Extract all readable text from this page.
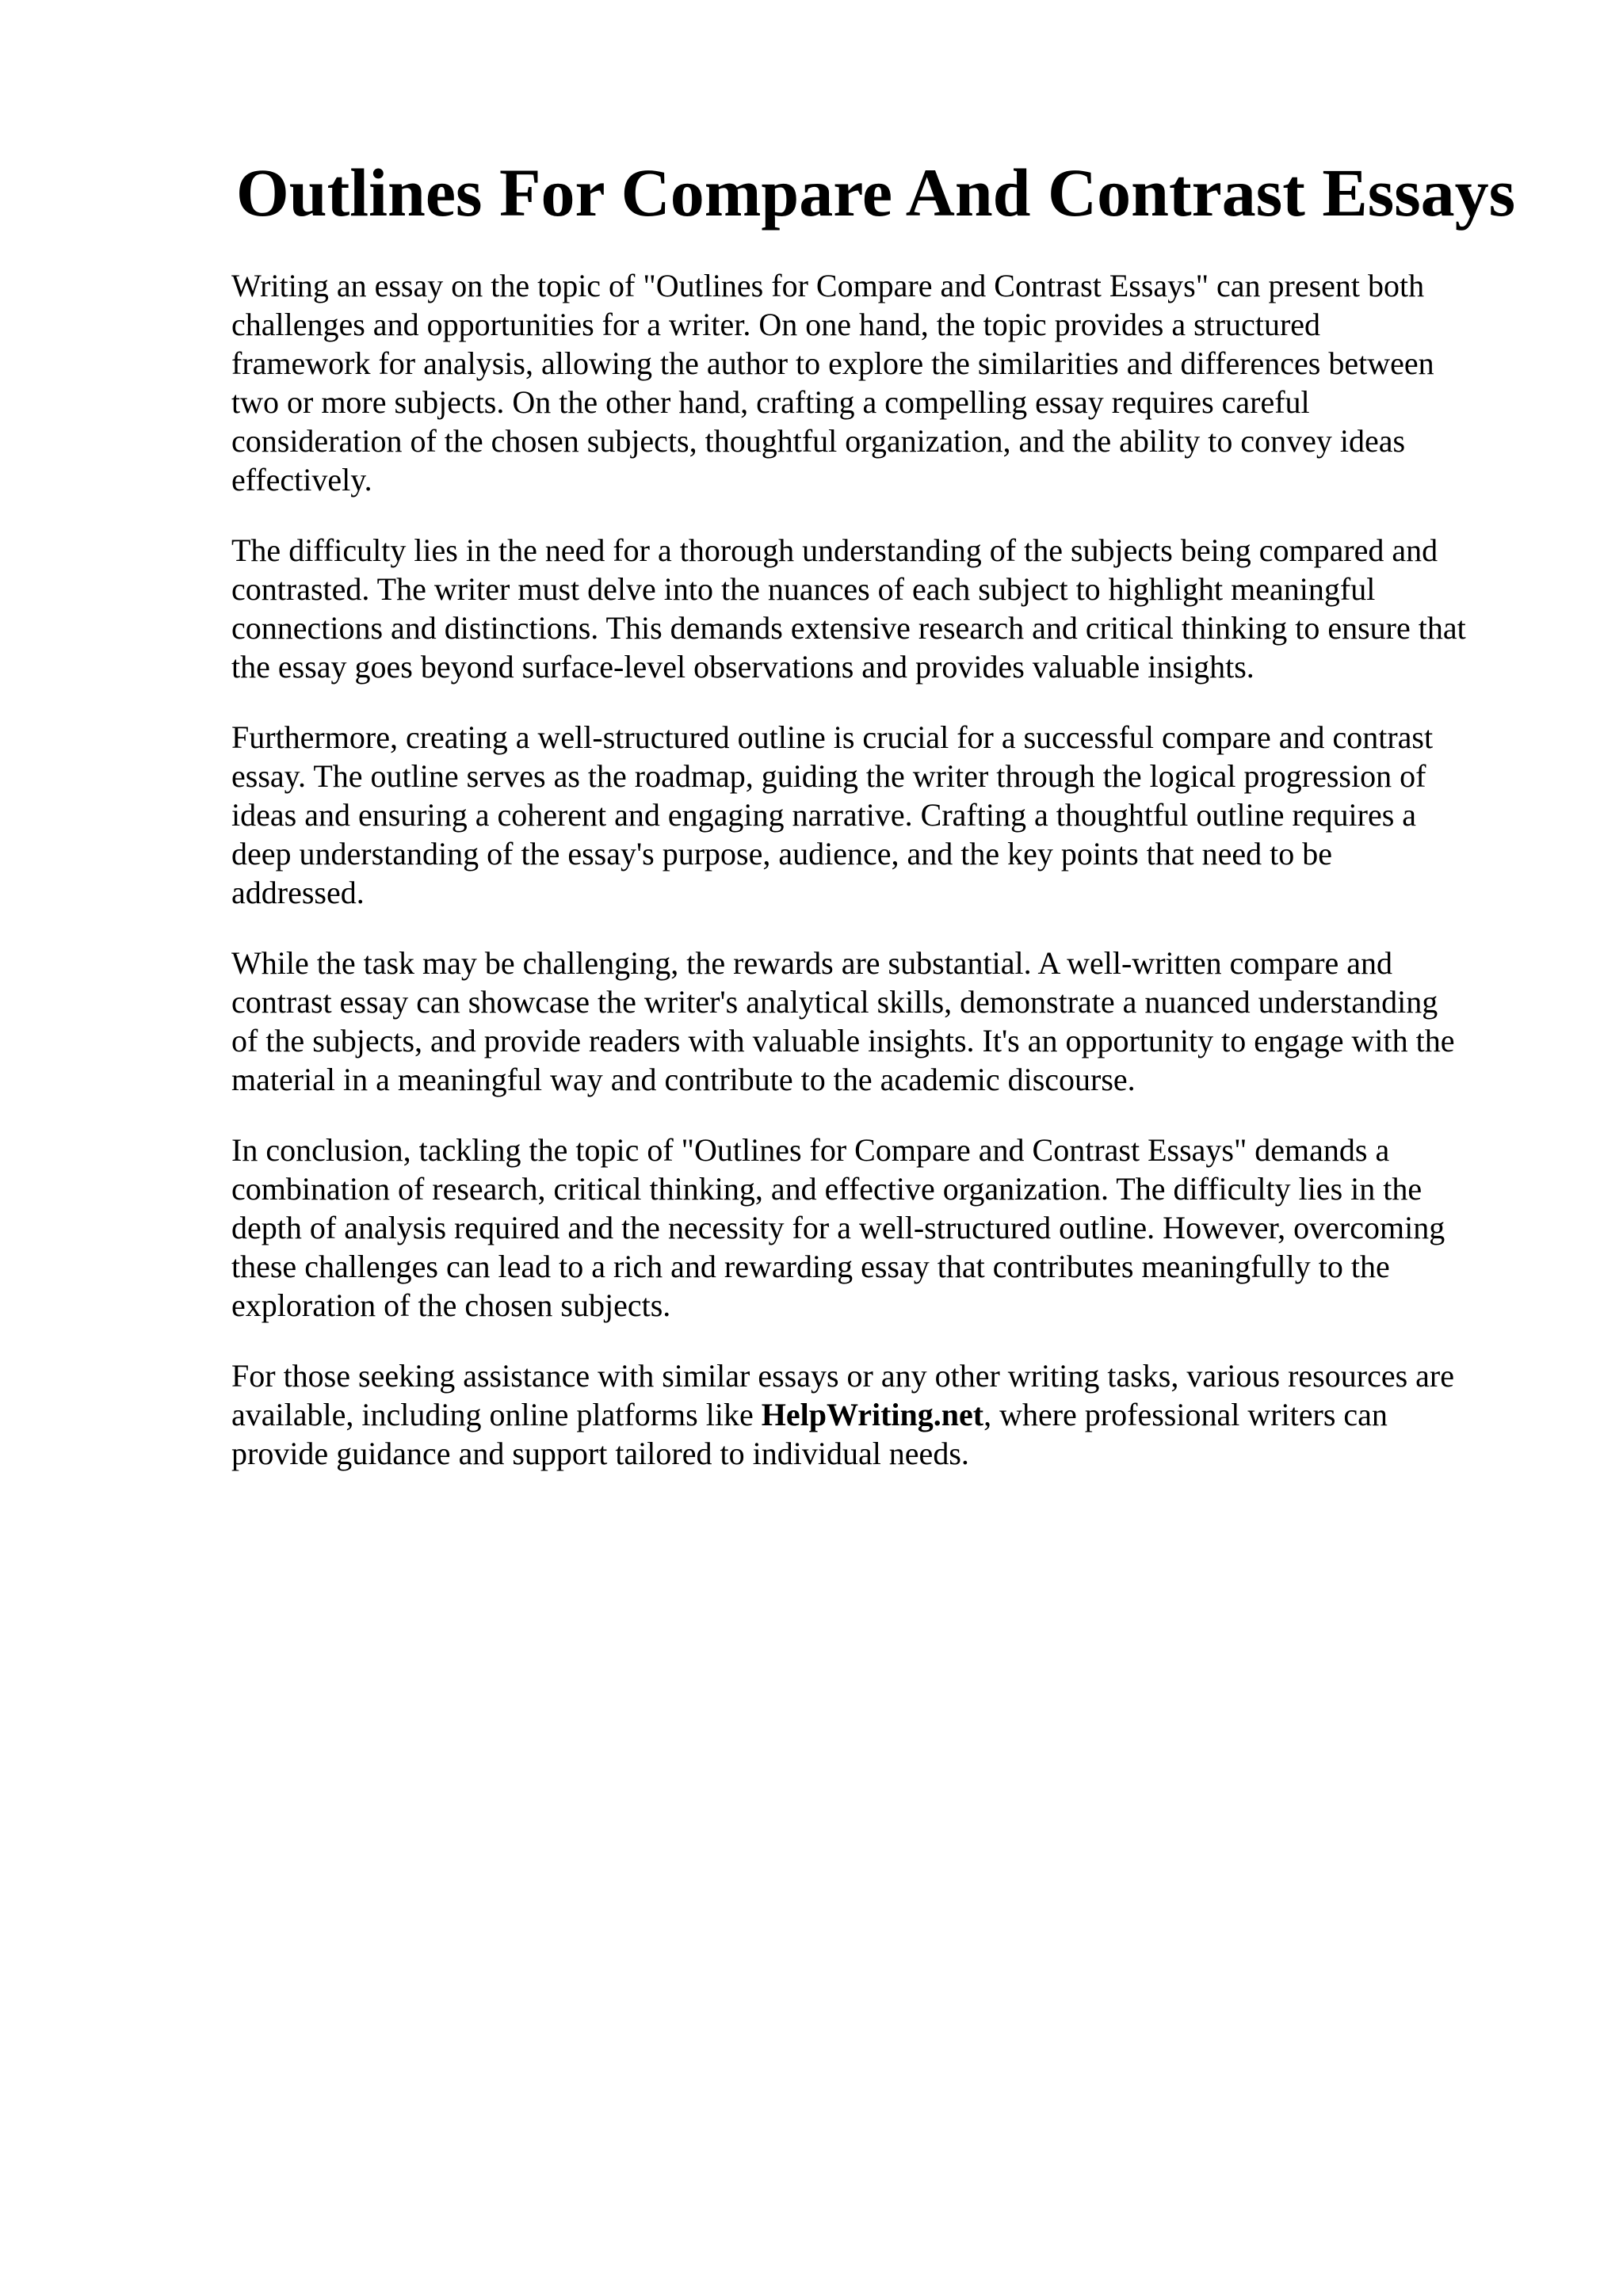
Outlines For Compare And Contrast Essays

Writing an essay on the topic of "Outlines for Compare and Contrast Essays" can present both
challenges and opportunities for a writer. On one hand, the topic provides a structured
framework for analysis, allowing the author to explore the similarities and differences between
two or more subjects. On the other hand, crafting a compelling essay requires careful
consideration of the chosen subjects, thoughtful organization, and the ability to convey ideas
effectively.

The difficulty lies in the need for a thorough understanding of the subjects being compared and
contrasted. The writer must delve into the nuances of each subject to highlight meaningful
connections and distinctions. This demands extensive research and critical thinking to ensure that
the essay goes beyond surface-level observations and provides valuable insights.

Furthermore, creating a well-structured outline is crucial for a successful compare and contrast
essay. The outline serves as the roadmap, guiding the writer through the logical progression of
ideas and ensuring a coherent and engaging narrative. Crafting a thoughtful outline requires a
deep understanding of the essay's purpose, audience, and the key points that need to be
addressed.

While the task may be challenging, the rewards are substantial. A well-written compare and
contrast essay can showcase the writer's analytical skills, demonstrate a nuanced understanding
of the subjects, and provide readers with valuable insights. It's an opportunity to engage with the
material in a meaningful way and contribute to the academic discourse.

In conclusion, tackling the topic of "Outlines for Compare and Contrast Essays" demands a
combination of research, critical thinking, and effective organization. The difficulty lies in the
depth of analysis required and the necessity for a well-structured outline. However, overcoming
these challenges can lead to a rich and rewarding essay that contributes meaningfully to the
exploration of the chosen subjects.

For those seeking assistance with similar essays or any other writing tasks, various resources are
available, including online platforms like HelpWriting.net, where professional writers can
provide guidance and support tailored to individual needs.
